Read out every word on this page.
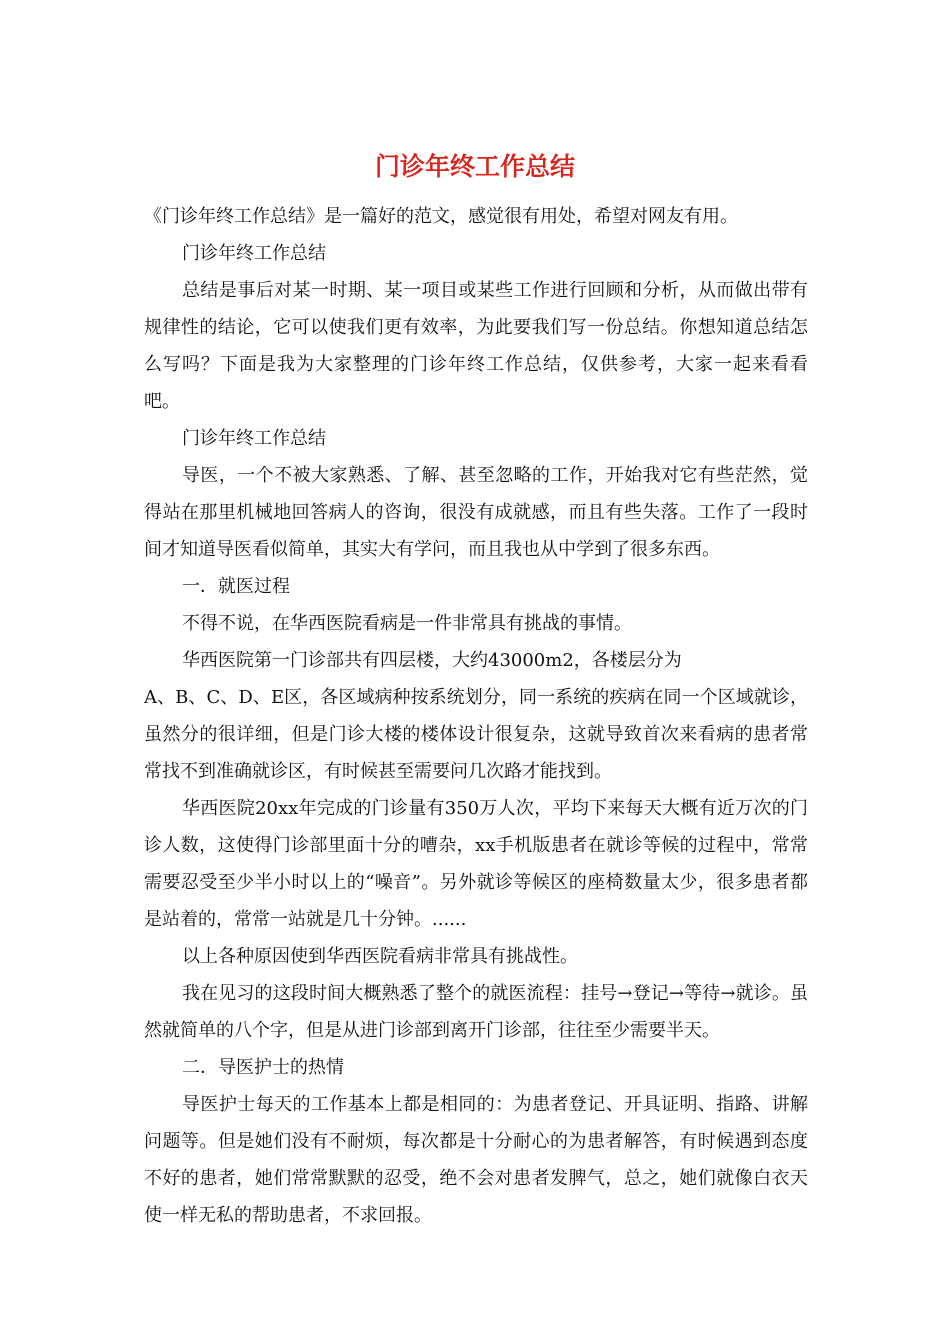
门诊年终工作总结

《门诊年终工作总结》是一篇好的范文，感觉很有用处，希望对网友有用。

门诊年终工作总结

总结是事后对某一时期、某一项目或某些工作进行回顾和分析，从而做出带有规律性的结论，它可以使我们更有效率，为此要我们写一份总结。你想知道总结怎么写吗？下面是我为大家整理的门诊年终工作总结，仅供参考，大家一起来看看吧。

门诊年终工作总结

导医，一个不被大家熟悉、了解、甚至忽略的工作，开始我对它有些茫然，觉得站在那里机械地回答病人的咨询，很没有成就感，而且有些失落。工作了一段时间才知道导医看似简单，其实大有学问，而且我也从中学到了很多东西。

一．就医过程

不得不说，在华西医院看病是一件非常具有挑战的事情。

华西医院第一门诊部共有四层楼，大约43000m2，各楼层分为

A、B、C、D、E区，各区域病种按系统划分，同一系统的疾病在同一个区域就诊，虽然分的很详细，但是门诊大楼的楼体设计很复杂，这就导致首次来看病的患者常常找不到准确就诊区，有时候甚至需要问几次路才能找到。

华西医院20xx年完成的门诊量有350万人次，平均下来每天大概有近万次的门诊人数，这使得门诊部里面十分的嘈杂，xx手机版患者在就诊等候的过程中，常常需要忍受至少半小时以上的“噪音”。另外就诊等候区的座椅数量太少，很多患者都是站着的，常常一站就是几十分钟。......

以上各种原因使到华西医院看病非常具有挑战性。

我在见习的这段时间大概熟悉了整个的就医流程：挂号→登记→等待→就诊。虽然就简单的八个字，但是从进门诊部到离开门诊部，往往至少需要半天。

二．导医护士的热情

导医护士每天的工作基本上都是相同的：为患者登记、开具证明、指路、讲解问题等。但是她们没有不耐烦，每次都是十分耐心的为患者解答，有时候遇到态度不好的患者，她们常常默默的忍受，绝不会对患者发脾气，总之，她们就像白衣天使一样无私的帮助患者，不求回报。
